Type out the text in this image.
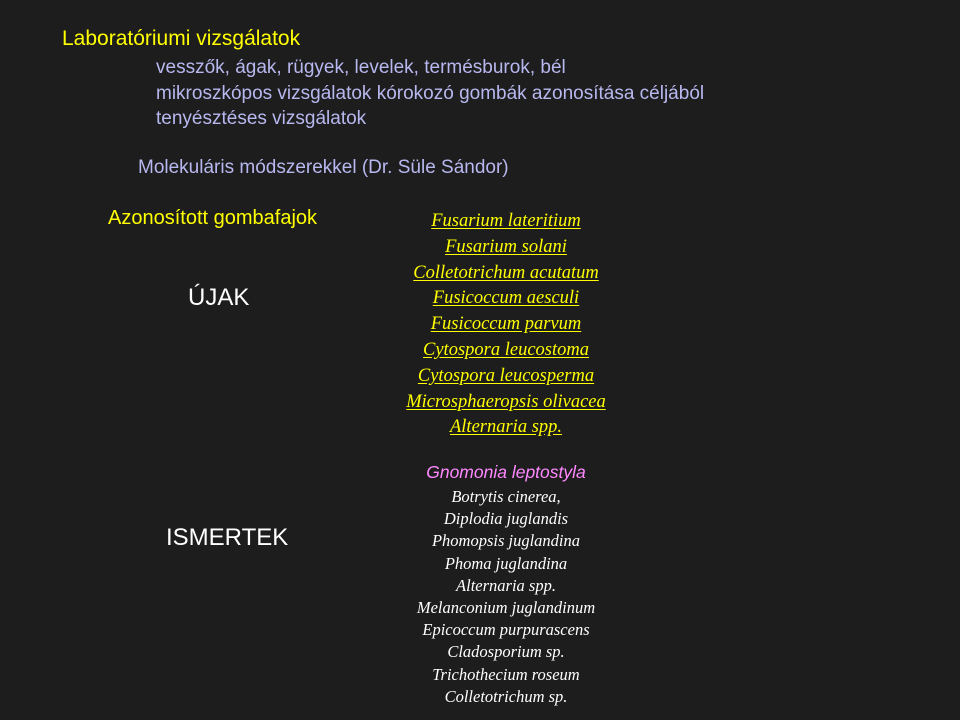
Laboratóriumi vizsgálatok
vesszők, ágak, rügyek, levelek, termésburok, bél
mikroszkópos vizsgálatok kórokozó gombák azonosítása céljából
tenyésztéses vizsgálatok
Molekuláris módszerekkel (Dr. Süle Sándor)
Azonosított gombafajok
ÚJAK
ISMERTEK
Fusarium lateritium
Fusarium solani
Colletotrichum acutatum
Fusicoccum aesculi
Fusicoccum parvum
Cytospora leucostoma
Cytospora leucosperma
Microsphaeropsis olivacea
Alternaria spp.
Gnomonia leptostyla
Botrytis cinerea,
Diplodia juglandis
Phomopsis juglandina
Phoma juglandina
Alternaria spp.
Melanconium juglandinum
Epicoccum purpurascens
Cladosporium sp.
Trichothecium roseum
Colletotrichum sp.
